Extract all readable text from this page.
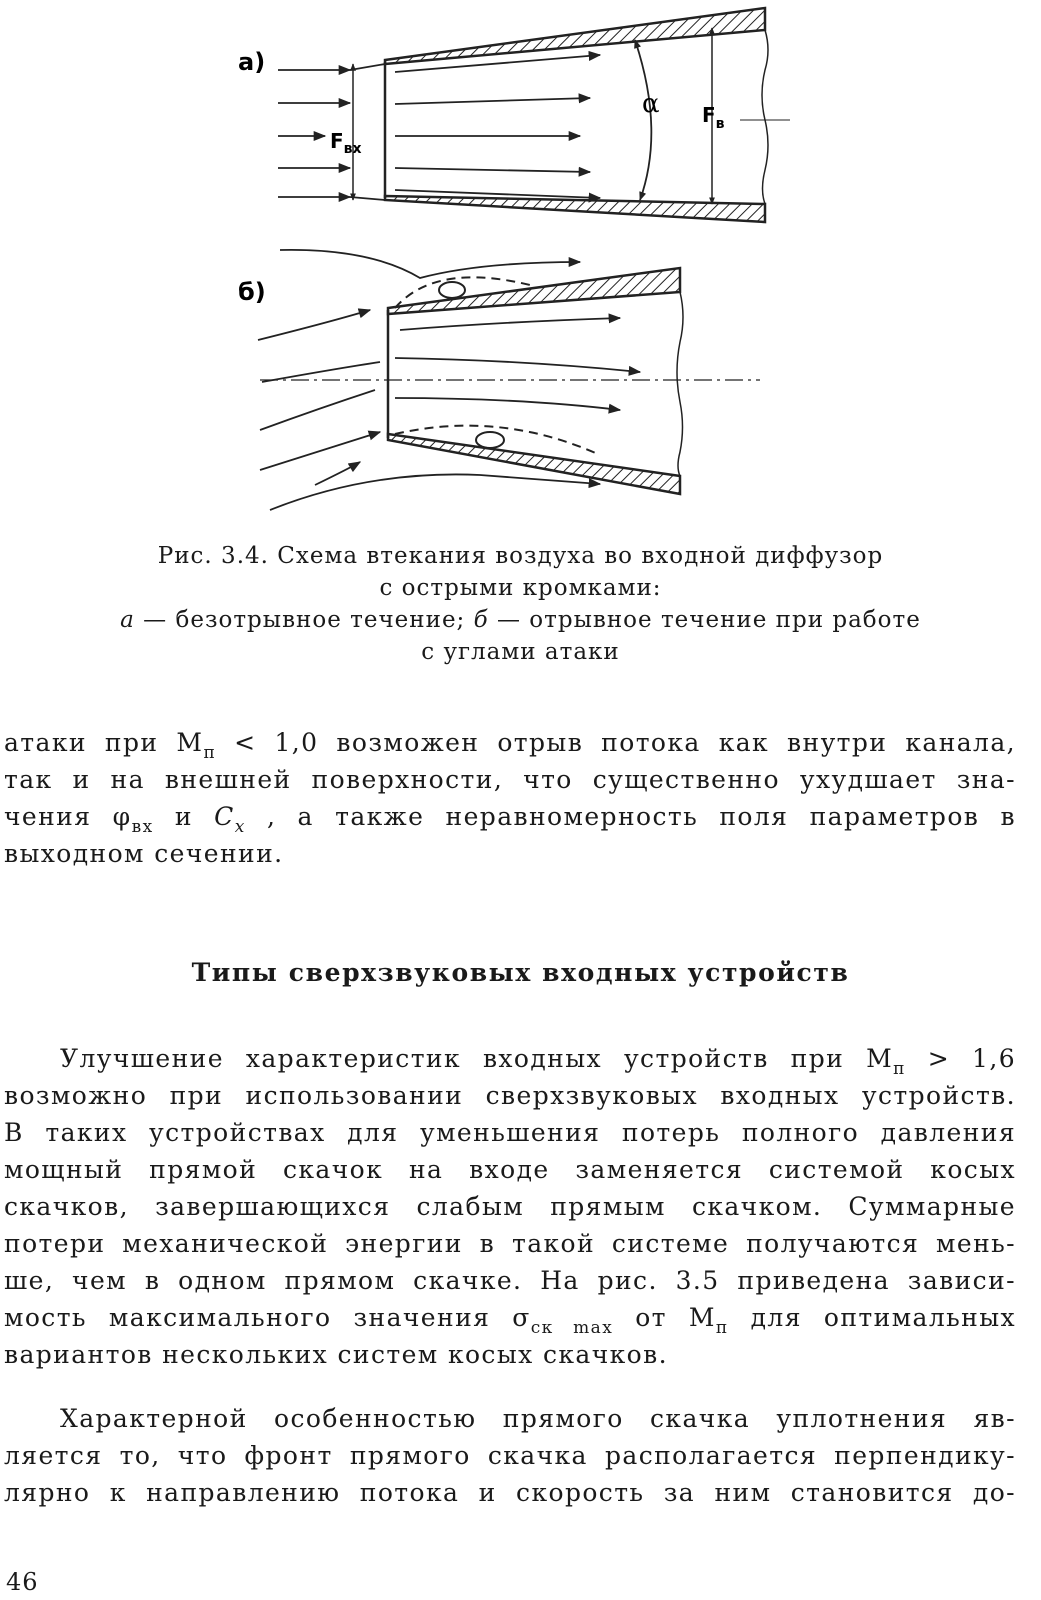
а)
$F_{вх}$
α $F_в$
б)
Рис. 3.4. Схема втекания воздуха во входной диффузор
с острыми кромками:
а — безотрывное течение; б — отрывное течение при работе
с углами атаки
атаки при $М_п < 1,0$ возможен отрыв потока как внутри канала,
так и на внешней поверхности, что существенно ухудшает зна-
чения $\varphi_{вх}$ и $C_x$ , а также неравномерность поля параметров в
выходном сечении.
Типы сверхзвуковых входных устройств
Улучшение характеристик входных устройств при $М_п > 1,6$
возможно при использовании сверхзвуковых входных устройств.
В таких устройствах для уменьшения потерь полного давления
мощный прямой скачок на входе заменяется системой косых
скачков, завершающихся слабым прямым скачком. Суммарные
потери механической энергии в такой системе получаются мень-
ше, чем в одном прямом скачке. На рис. 3.5 приведена зависи-
мость максимального значения $\sigma_{ск max}$ от $М_п$ для оптимальных
вариантов нескольких систем косых скачков.
Характерной особенностью прямого скачка уплотнения яв-
ляется то, что фронт прямого скачка располагается перпендику-
лярно к направлению потока и скорость за ним становится до-
46
